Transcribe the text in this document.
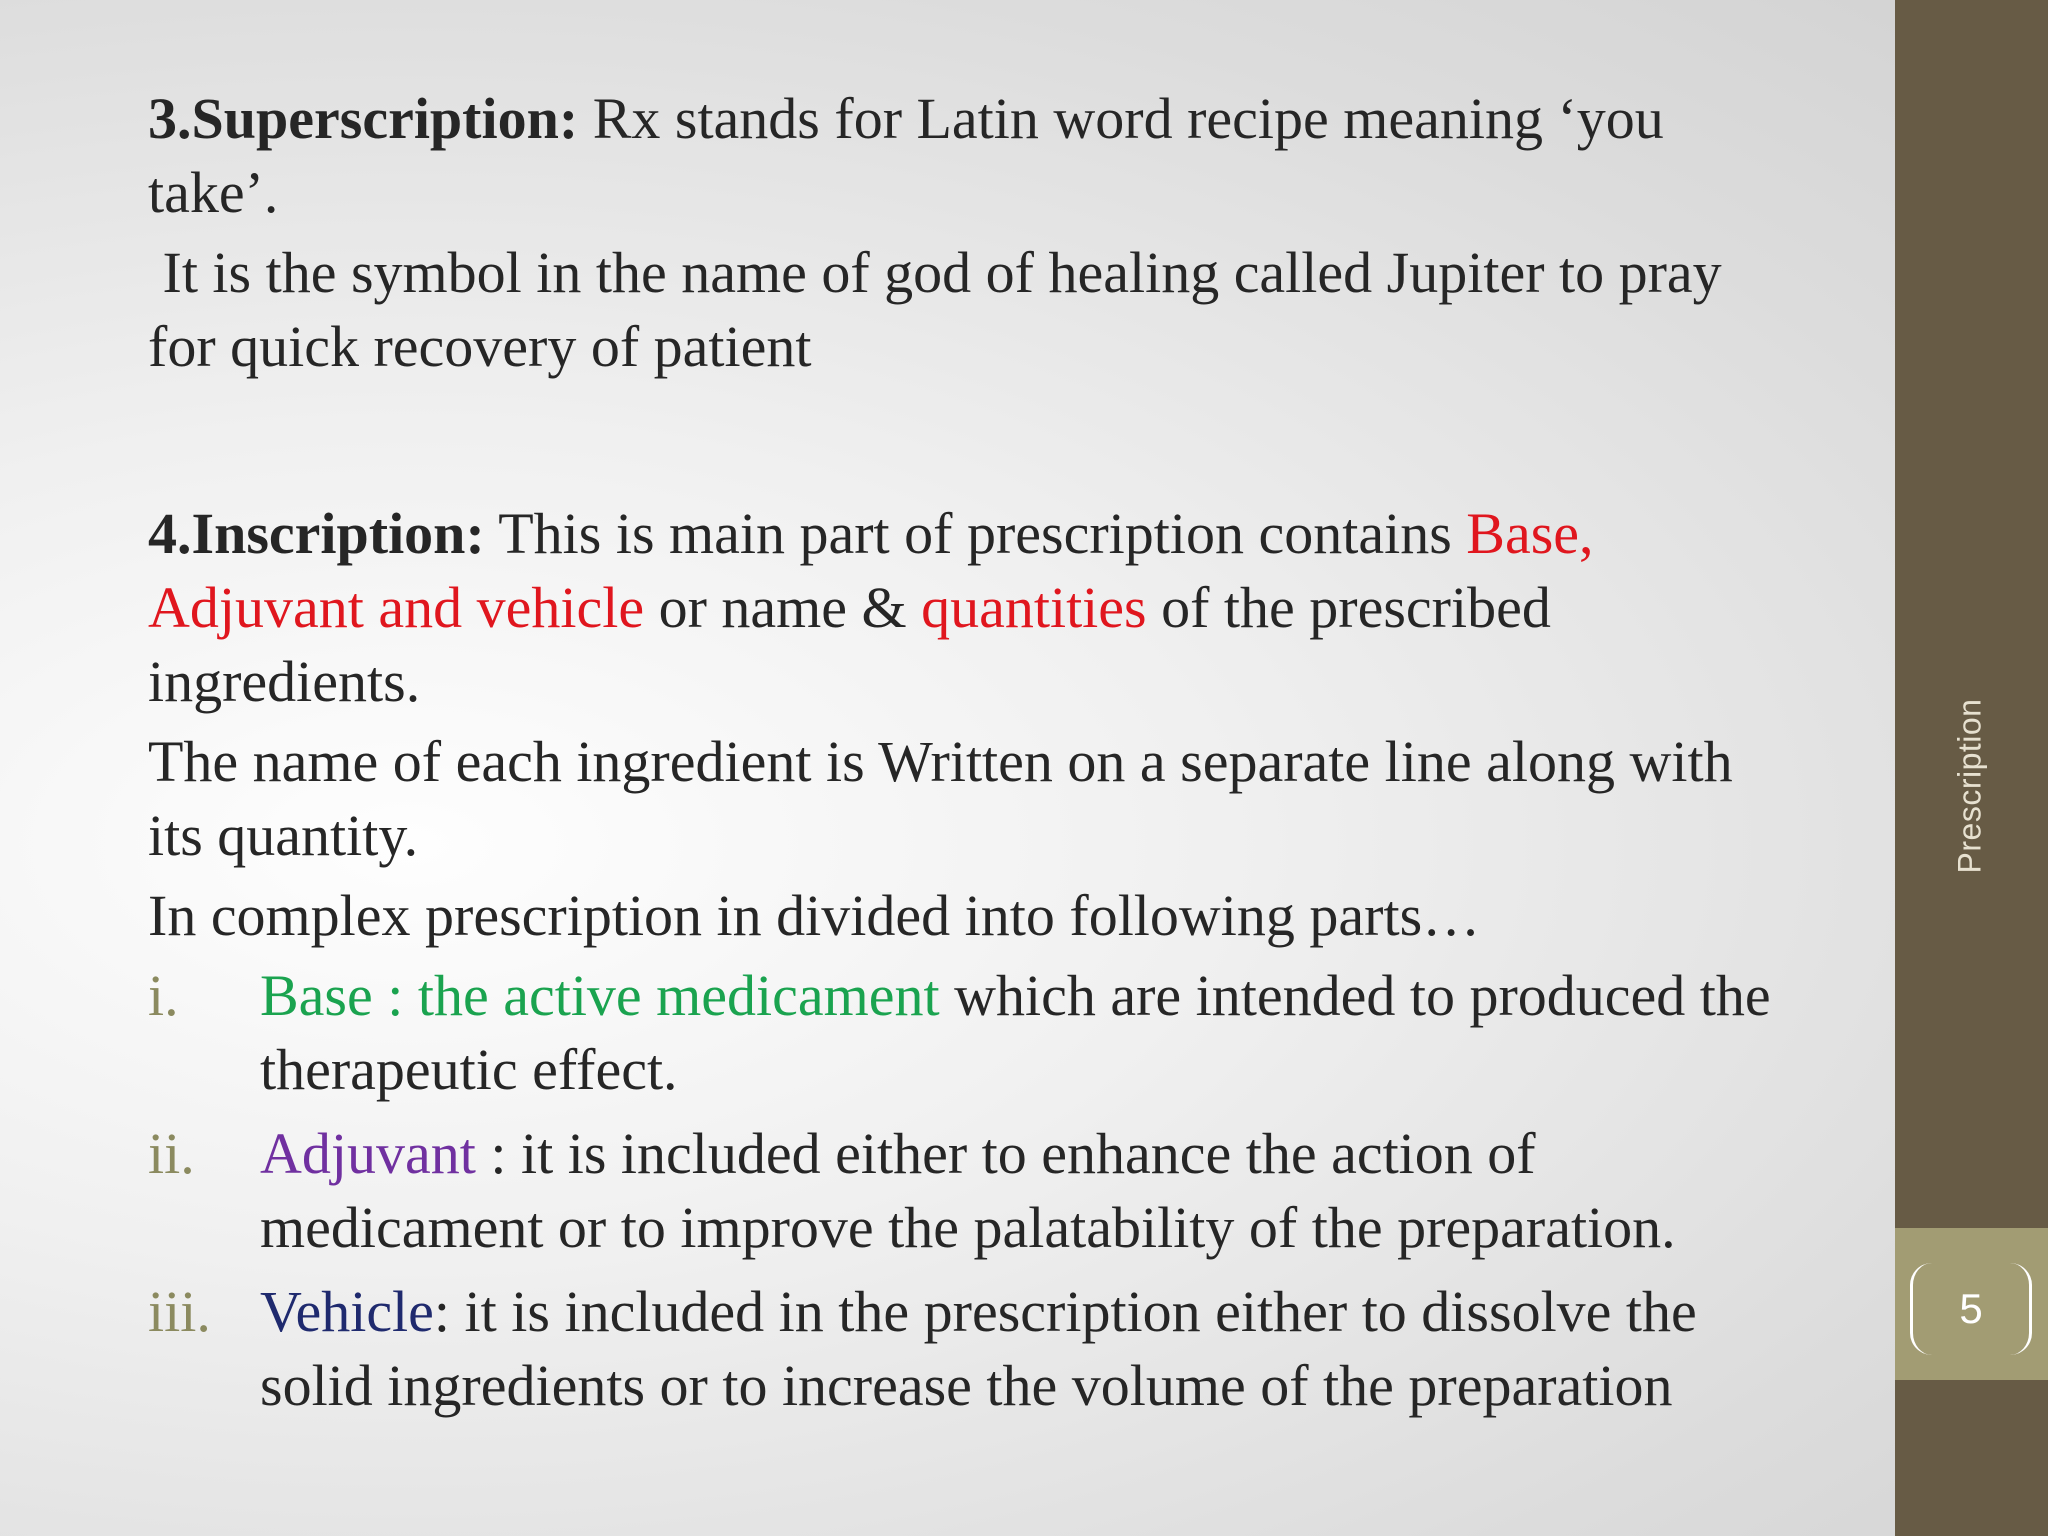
3.Superscription: Rx stands for Latin word recipe meaning ‘you take’.

It is the symbol in the name of god of healing called Jupiter to pray for quick recovery of patient

4.Inscription: This is main part of prescription contains Base, Adjuvant and vehicle or name & quantities of the prescribed ingredients.

The name of each ingredient is Written on a separate line along with its quantity.

In complex prescription in divided into following parts…

i. Base : the active medicament which are intended to produced the therapeutic effect.
ii. Adjuvant : it is included either to enhance the action of medicament or to improve the palatability of the preparation.
iii. Vehicle: it is included in the prescription either to dissolve the solid ingredients or to increase the volume of the preparation
Prescription
5
